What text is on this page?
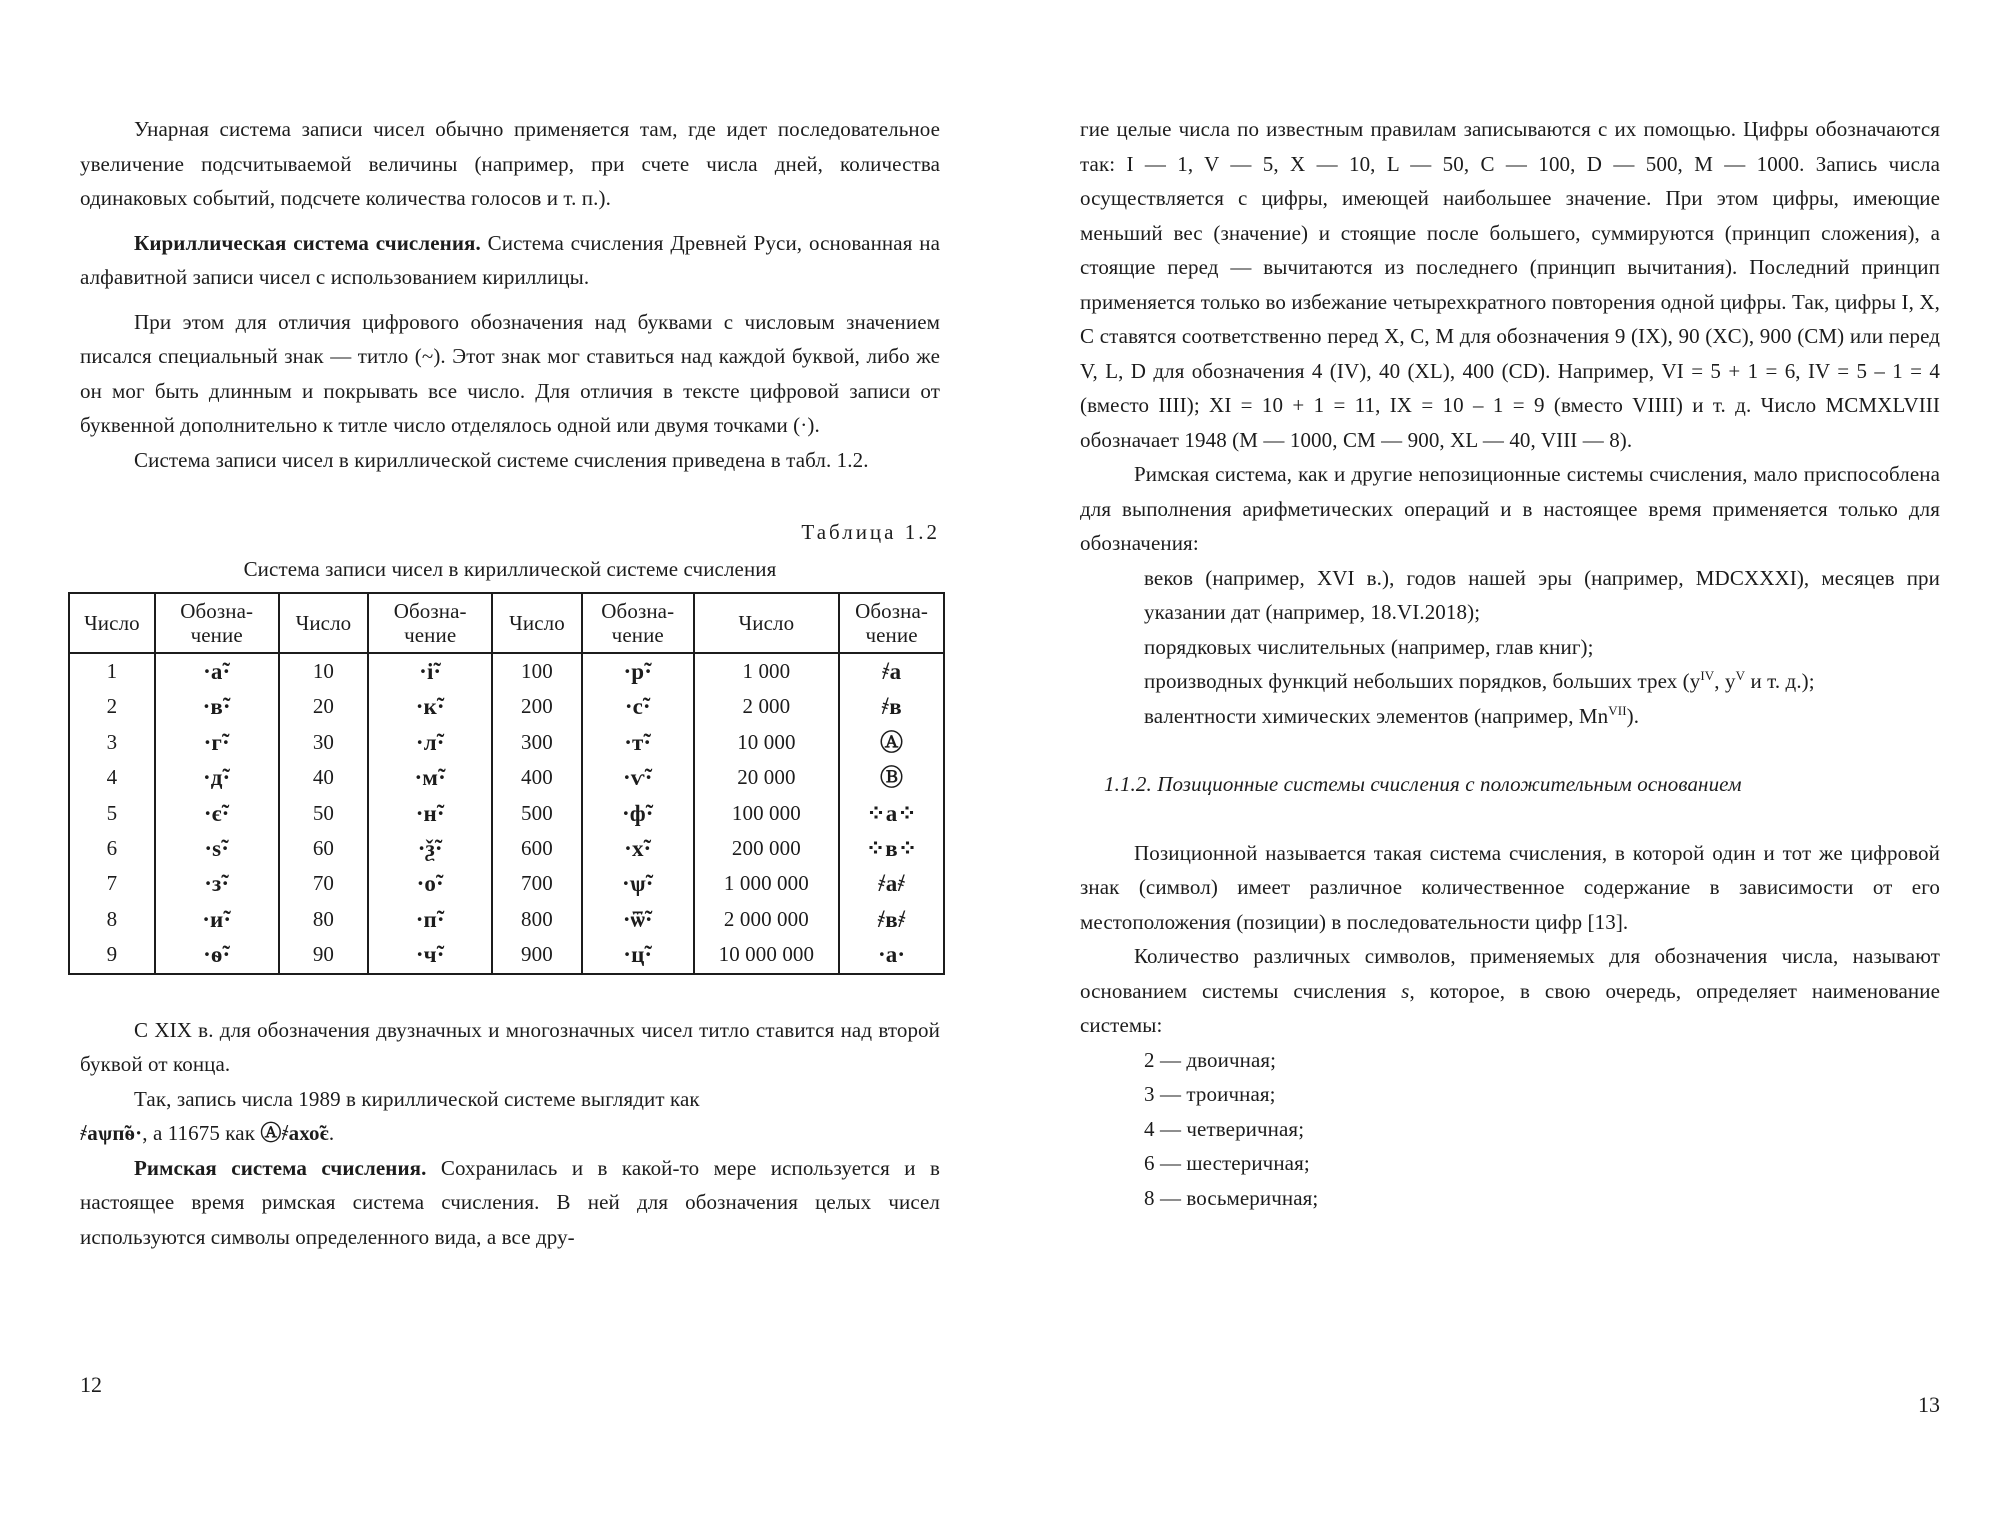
Унарная система записи чисел обычно применяется там, где идет последовательное увеличение подсчитываемой величины (например, при счете числа дней, количества одинаковых событий, подсчете количества голосов и т. п.).

Кириллическая система счисления. Система счисления Древней Руси, основанная на алфавитной записи чисел с использованием кириллицы.

При этом для отличия цифрового обозначения над буквами с числовым значением писался специальный знак — титло (~). Этот знак мог ставиться над каждой буквой, либо же он мог быть длинным и покрывать все число. Для отличия в тексте цифровой записи от буквенной дополнительно к титле число отделялось одной или двумя точками (·).

Система записи чисел в кириллической системе счисления приведена в табл. 1.2.

Таблица 1.2
Система записи чисел в кириллической системе счисления
Число	Обозна-чение	Число	Обозна-чение	Число	Обозна-чение	Число	Обозна-чение
1	·а̃·	10	·і̃·	100	·р̃·	1 000	҂а
2	·в̃·	20	·к̃·	200	·с̃·	2 000	҂в
3	·г̃·	30	·л̃·	300	·т̃·	10 000	Ⓐ
4	·д̃·	40	·м̃·	400	·ѵ̃·	20 000	Ⓑ
5	·є̃·	50	·н̃·	500	·ф̃·	100 000	⁘а⁘
6	·ѕ̃·	60	·ѯ̃·	600	·х̃·	200 000	⁘в⁘
7	·з̃·	70	·о̃·	700	·ѱ̃·	1 000 000	҂а҂
8	·и̃·	80	·п̃·	800	·ѿ̃·	2 000 000	҂в҂
9	·ѳ̃·	90	·ч̃·	900	·ц̃·	10 000 000	·а·

С XIX в. для обозначения двузначных и многозначных чисел титло ставится над второй буквой от конца.

Так, запись числа 1989 в кириллической системе выглядит как
҂аѱп̃ѳ·, а 11675 как Ⓐ҂ахо̃є.

Римская система счисления. Сохранилась и в какой-то мере используется и в настоящее время римская система счисления. В ней для обозначения целых чисел используются символы определенного вида, а все дру-

12

гие целые числа по известным правилам записываются с их помощью. Цифры обозначаются так: I — 1, V — 5, X — 10, L — 50, C — 100, D — 500, M — 1000. Запись числа осуществляется с цифры, имеющей наибольшее значение. При этом цифры, имеющие меньший вес (значение) и стоящие после большего, суммируются (принцип сложения), а стоящие перед — вычитаются из последнего (принцип вычитания). Последний принцип применяется только во избежание четырехкратного повторения одной цифры. Так, цифры I, X, C ставятся соответственно перед X, C, M для обозначения 9 (IX), 90 (XC), 900 (CM) или перед V, L, D для обозначения 4 (IV), 40 (XL), 400 (CD). Например, VI = 5 + 1 = 6, IV = 5 – 1 = 4 (вместо IIII); XI = 10 + 1 = 11, IX = 10 – 1 = 9 (вместо VIIII) и т. д. Число MCMXLVIII обозначает 1948 (M — 1000, CM — 900, XL — 40, VIII — 8).

Римская система, как и другие непозиционные системы счисления, мало приспособлена для выполнения арифметических операций и в настоящее время применяется только для обозначения:

веков (например, XVI в.), годов нашей эры (например, MDCXXXI), месяцев при указании дат (например, 18.VI.2018);

порядковых числительных (например, глав книг);

производных функций небольших порядков, больших трех ($y^{IV}$, $y^V$ и т. д.);

валентности химических элементов (например, $Mn^{VII}$).

1.1.2. Позиционные системы счисления с положительным основанием

Позиционной называется такая система счисления, в которой один и тот же цифровой знак (символ) имеет различное количественное содержание в зависимости от его местоположения (позиции) в последовательности цифр [13].

Количество различных символов, применяемых для обозначения числа, называют основанием системы счисления s, которое, в свою очередь, определяет наименование системы:

2 — двоичная;

3 — троичная;

4 — четверичная;

6 — шестеричная;

8 — восьмеричная;

13
